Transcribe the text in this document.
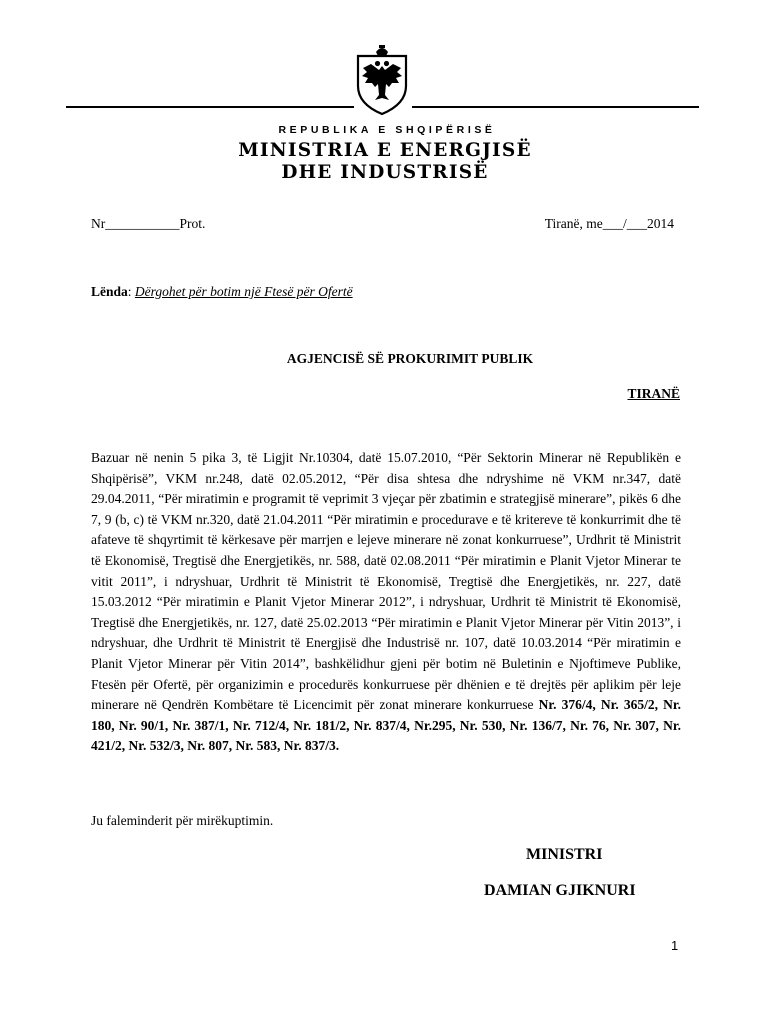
REPUBLIKA E SHQIPËRISË
MINISTRIA E ENERGJISË
DHE INDUSTRISË
Nr___________Prot.	Tiranë, me___/___2014
Lënda: Dërgohet për botim një Ftesë për Ofertë
AGJENCISË SË PROKURIMIT PUBLIK
TIRANË
Bazuar në nenin 5 pika 3, të Ligjit Nr.10304, datë 15.07.2010, “Për Sektorin Minerar në Republikën e Shqipërisë”, VKM nr.248, datë 02.05.2012, “Për disa shtesa dhe ndryshime në VKM nr.347, datë 29.04.2011, “Për miratimin e programit të veprimit 3 vjeçar për zbatimin e strategjisë minerare”, pikës 6 dhe 7, 9 (b, c) të VKM nr.320, datë 21.04.2011 “Për miratimin e procedurave e të kritereve të konkurrimit dhe të afateve të shqyrtimit të kërkesave për marrjen e lejeve minerare në zonat konkurruese”, Urdhrit të Ministrit të Ekonomisë, Tregtisë dhe Energjetikës, nr. 588, datë 02.08.2011 “Për miratimin e Planit Vjetor Minerar te vitit 2011”, i ndryshuar, Urdhrit të Ministrit të Ekonomisë, Tregtisë dhe Energjetikës, nr. 227, datë 15.03.2012 “Për miratimin e Planit Vjetor Minerar 2012”, i ndryshuar, Urdhrit të Ministrit të Ekonomisë, Tregtisë dhe Energjetikës, nr. 127, datë 25.02.2013 “Për miratimin e Planit Vjetor Minerar për Vitin 2013”, i ndryshuar, dhe Urdhrit të Ministrit të Energjisë dhe Industrisë nr. 107, datë 10.03.2014 “Për miratimin e Planit Vjetor Minerar për Vitin 2014”, bashkëlidhur gjeni për botim në Buletinin e Njoftimeve Publike, Ftesën për Ofertë, për organizimin e procedurës konkurruese për dhënien e të drejtës për aplikim për leje minerare në Qendrën Kombëtare të Licencimit për zonat minerare konkurruese Nr. 376/4, Nr. 365/2, Nr. 180, Nr. 90/1, Nr. 387/1, Nr. 712/4, Nr. 181/2, Nr. 837/4, Nr.295, Nr. 530, Nr. 136/7, Nr. 76, Nr. 307, Nr. 421/2, Nr. 532/3, Nr. 807, Nr. 583, Nr. 837/3.
Ju faleminderit për mirëkuptimin.
MINISTRI
DAMIAN GJIKNURI
1
